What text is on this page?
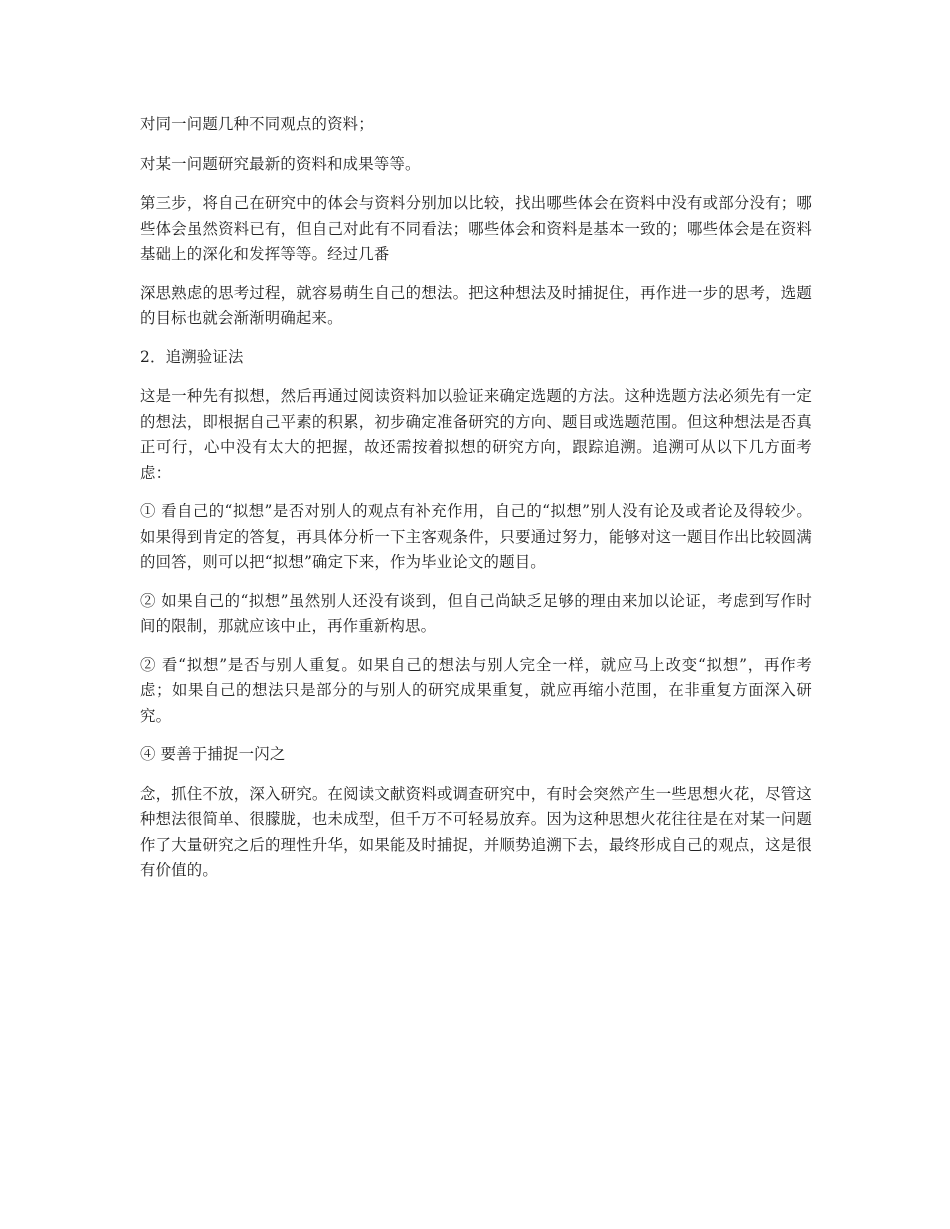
对同一问题几种不同观点的资料；

对某一问题研究最新的资料和成果等等。

第三步，将自己在研究中的体会与资料分别加以比较，找出哪些体会在资料中没有或部分没有；哪些体会虽然资料已有，但自己对此有不同看法；哪些体会和资料是基本一致的；哪些体会是在资料基础上的深化和发挥等等。经过几番

深思熟虑的思考过程，就容易萌生自己的想法。把这种想法及时捕捉住，再作进一步的思考，选题的目标也就会渐渐明确起来。

2．追溯验证法

这是一种先有拟想，然后再通过阅读资料加以验证来确定选题的方法。这种选题方法必须先有一定的想法，即根据自己平素的积累，初步确定准备研究的方向、题目或选题范围。但这种想法是否真正可行，心中没有太大的把握，故还需按着拟想的研究方向，跟踪追溯。追溯可从以下几方面考虑：

① 看自己的“拟想”是否对别人的观点有补充作用，自己的“拟想”别人没有论及或者论及得较少。如果得到肯定的答复，再具体分析一下主客观条件，只要通过努力，能够对这一题目作出比较圆满的回答，则可以把“拟想”确定下来，作为毕业论文的题目。

② 如果自己的“拟想”虽然别人还没有谈到，但自己尚缺乏足够的理由来加以论证，考虑到写作时间的限制，那就应该中止，再作重新构思。

② 看“拟想”是否与别人重复。如果自己的想法与别人完全一样，就应马上改变“拟想”，再作考虑；如果自己的想法只是部分的与别人的研究成果重复，就应再缩小范围，在非重复方面深入研究。

④ 要善于捕捉一闪之

念，抓住不放，深入研究。在阅读文献资料或调查研究中，有时会突然产生一些思想火花，尽管这种想法很简单、很朦胧，也未成型，但千万不可轻易放弃。因为这种思想火花往往是在对某一问题作了大量研究之后的理性升华，如果能及时捕捉，并顺势追溯下去，最终形成自己的观点，这是很有价值的。
